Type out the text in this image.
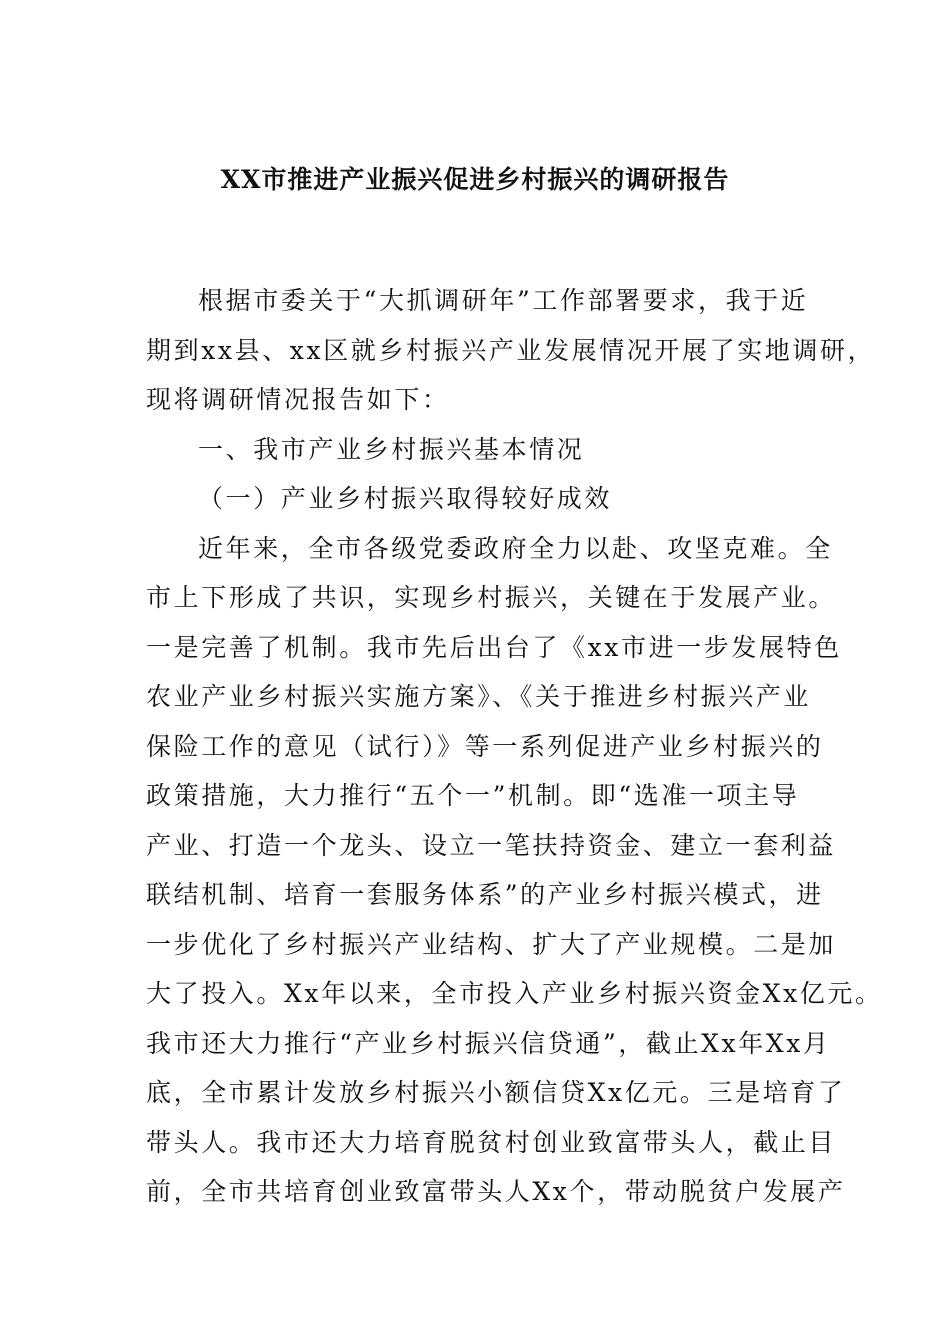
XX市推进产业振兴促进乡村振兴的调研报告
根据市委关于“大抓调研年”工作部署要求，我于近
期到xx县、xx区就乡村振兴产业发展情况开展了实地调研，
现将调研情况报告如下：
一、我市产业乡村振兴基本情况
（一）产业乡村振兴取得较好成效
近年来，全市各级党委政府全力以赴、攻坚克难。全
市上下形成了共识，实现乡村振兴，关键在于发展产业。
一是完善了机制。我市先后出台了《xx市进一步发展特色
农业产业乡村振兴实施方案》、《关于推进乡村振兴产业
保险工作的意见（试行）》等一系列促进产业乡村振兴的
政策措施，大力推行“五个一”机制。即“选准一项主导
产业、打造一个龙头、设立一笔扶持资金、建立一套利益
联结机制、培育一套服务体系”的产业乡村振兴模式，进
一步优化了乡村振兴产业结构、扩大了产业规模。二是加
大了投入。Xx年以来，全市投入产业乡村振兴资金Xx亿元。
我市还大力推行“产业乡村振兴信贷通”，截止Xx年Xx月
底，全市累计发放乡村振兴小额信贷Xx亿元。三是培育了
带头人。我市还大力培育脱贫村创业致富带头人，截止目
前，全市共培育创业致富带头人Xx个，带动脱贫户发展产
